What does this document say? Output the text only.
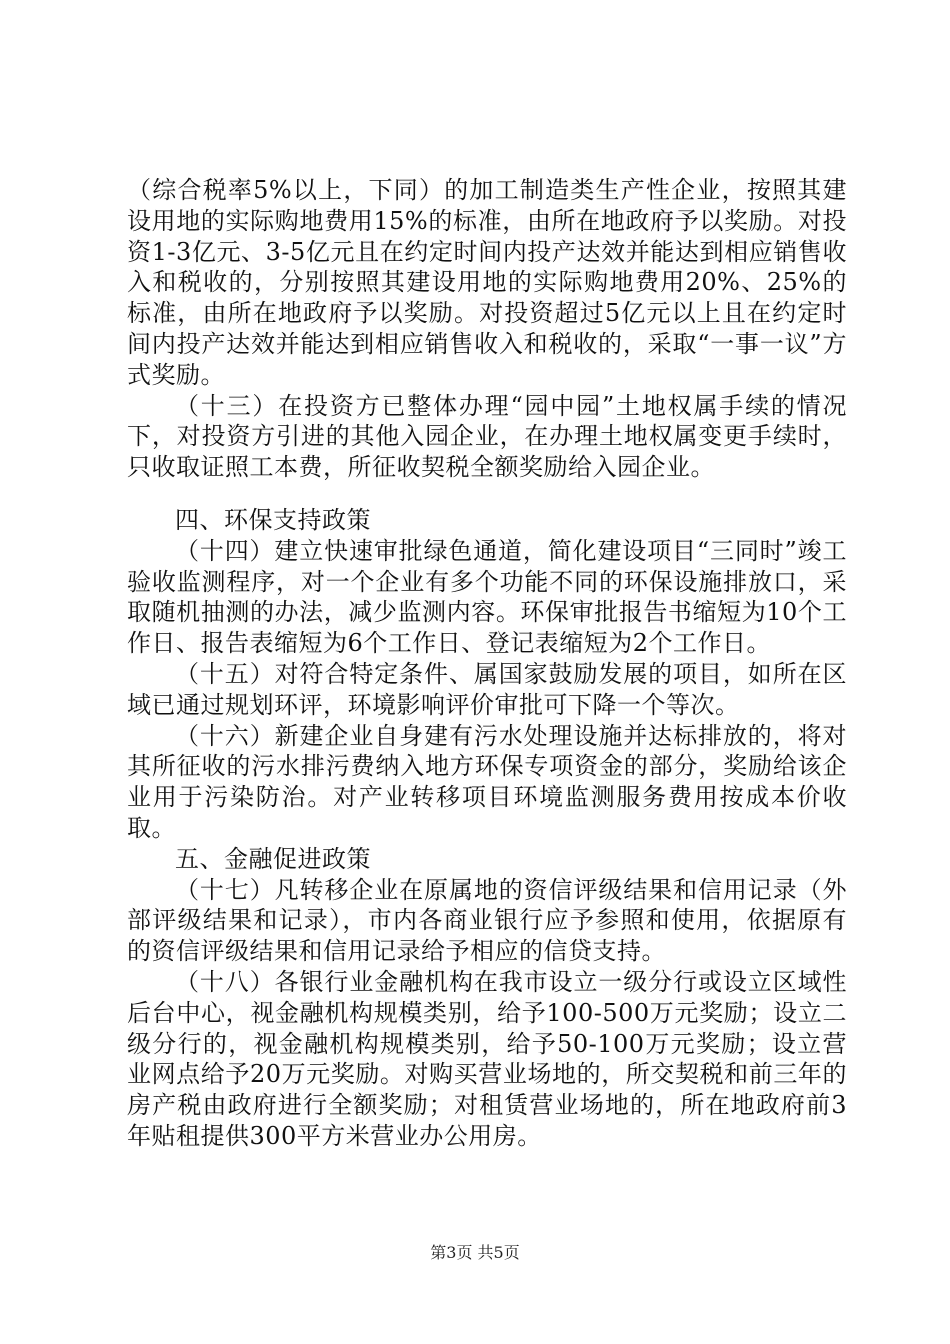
（综合税率5%以上，下同）的加工制造类生产性企业，按照其建设用地的实际购地费用15%的标准，由所在地政府予以奖励。对投资1-3亿元、3-5亿元且在约定时间内投产达效并能达到相应销售收入和税收的，分别按照其建设用地的实际购地费用20%、25%的标准，由所在地政府予以奖励。对投资超过5亿元以上且在约定时间内投产达效并能达到相应销售收入和税收的，采取“一事一议”方式奖励。

（十三）在投资方已整体办理“园中园”土地权属手续的情况下，对投资方引进的其他入园企业，在办理土地权属变更手续时，只收取证照工本费，所征收契税全额奖励给入园企业。

四、环保支持政策

（十四）建立快速审批绿色通道，简化建设项目“三同时”竣工验收监测程序，对一个企业有多个功能不同的环保设施排放口，采取随机抽测的办法，减少监测内容。环保审批报告书缩短为10个工作日、报告表缩短为6个工作日、登记表缩短为2个工作日。

（十五）对符合特定条件、属国家鼓励发展的项目，如所在区域已通过规划环评，环境影响评价审批可下降一个等次。

（十六）新建企业自身建有污水处理设施并达标排放的，将对其所征收的污水排污费纳入地方环保专项资金的部分，奖励给该企业用于污染防治。对产业转移项目环境监测服务费用按成本价收取。

五、金融促进政策

（十七）凡转移企业在原属地的资信评级结果和信用记录（外部评级结果和记录），市内各商业银行应予参照和使用，依据原有的资信评级结果和信用记录给予相应的信贷支持。

（十八）各银行业金融机构在我市设立一级分行或设立区域性后台中心，视金融机构规模类别，给予100-500万元奖励；设立二级分行的，视金融机构规模类别，给予50-100万元奖励；设立营业网点给予20万元奖励。对购买营业场地的，所交契税和前三年的房产税由政府进行全额奖励；对租赁营业场地的，所在地政府前3年贴租提供300平方米营业办公用房。

第3页 共5页
